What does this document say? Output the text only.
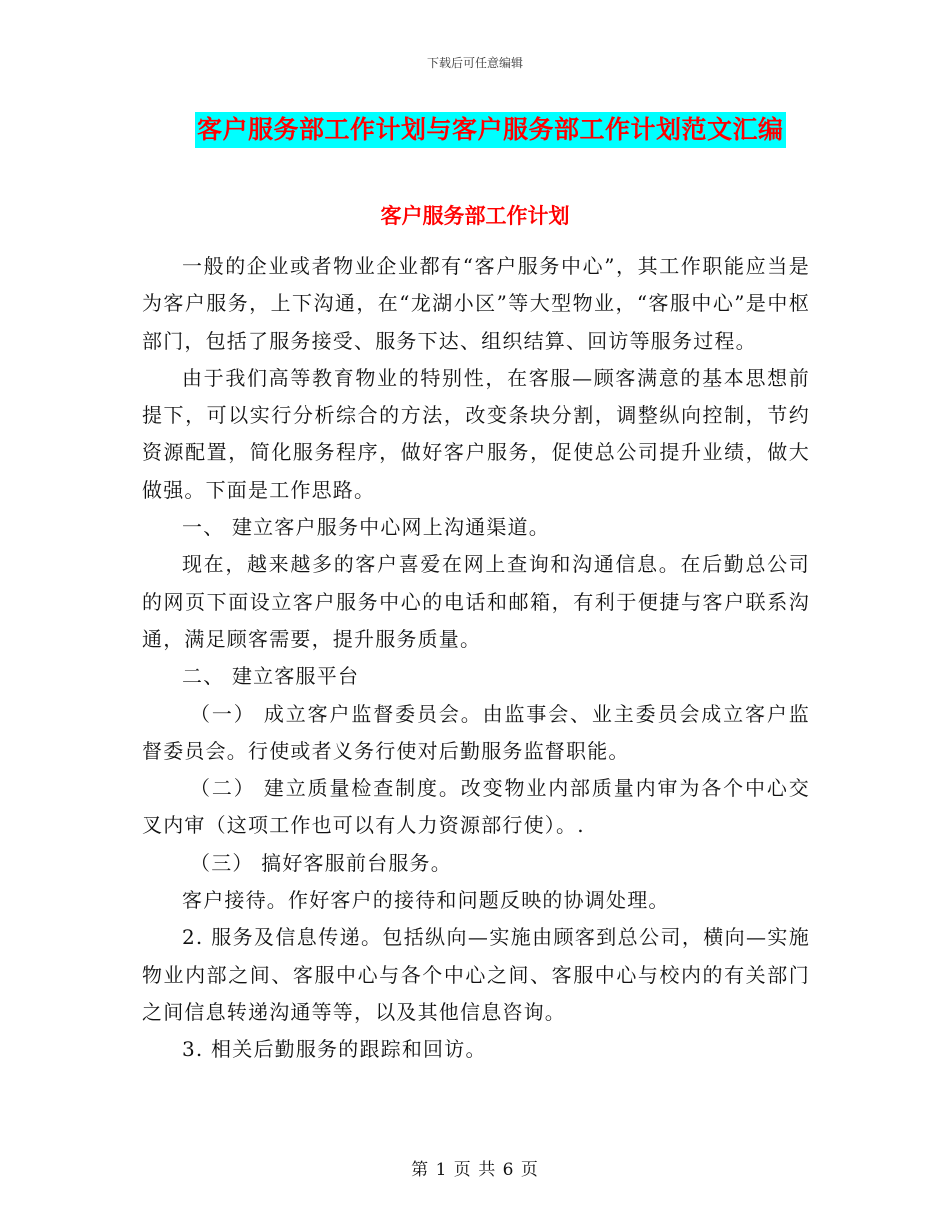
下载后可任意编辑
客户服务部工作计划与客户服务部工作计划范文汇编
客户服务部工作计划

一般的企业或者物业企业都有“客户服务中心”，其工作职能应当是为客户服务，上下沟通，在“龙湖小区”等大型物业，“客服中心”是中枢部门，包括了服务接受、服务下达、组织结算、回访等服务过程。

由于我们高等教育物业的特别性，在客服—顾客满意的基本思想前提下，可以实行分析综合的方法，改变条块分割，调整纵向控制，节约资源配置，简化服务程序，做好客户服务，促使总公司提升业绩，做大做强。下面是工作思路。

一、 建立客户服务中心网上沟通渠道。

现在，越来越多的客户喜爱在网上查询和沟通信息。在后勤总公司的网页下面设立客户服务中心的电话和邮箱，有利于便捷与客户联系沟通，满足顾客需要，提升服务质量。

二、 建立客服平台

（一） 成立客户监督委员会。由监事会、业主委员会成立客户监督委员会。行使或者义务行使对后勤服务监督职能。

（二） 建立质量检查制度。改变物业内部质量内审为各个中心交叉内审（这项工作也可以有人力资源部行使）。.

（三） 搞好客服前台服务。

客户接待。作好客户的接待和问题反映的协调处理。

2. 服务及信息传递。包括纵向—实施由顾客到总公司，横向—实施物业内部之间、客服中心与各个中心之间、客服中心与校内的有关部门之间信息转递沟通等等，以及其他信息咨询。

3. 相关后勤服务的跟踪和回访。

第 1 页 共 6 页
